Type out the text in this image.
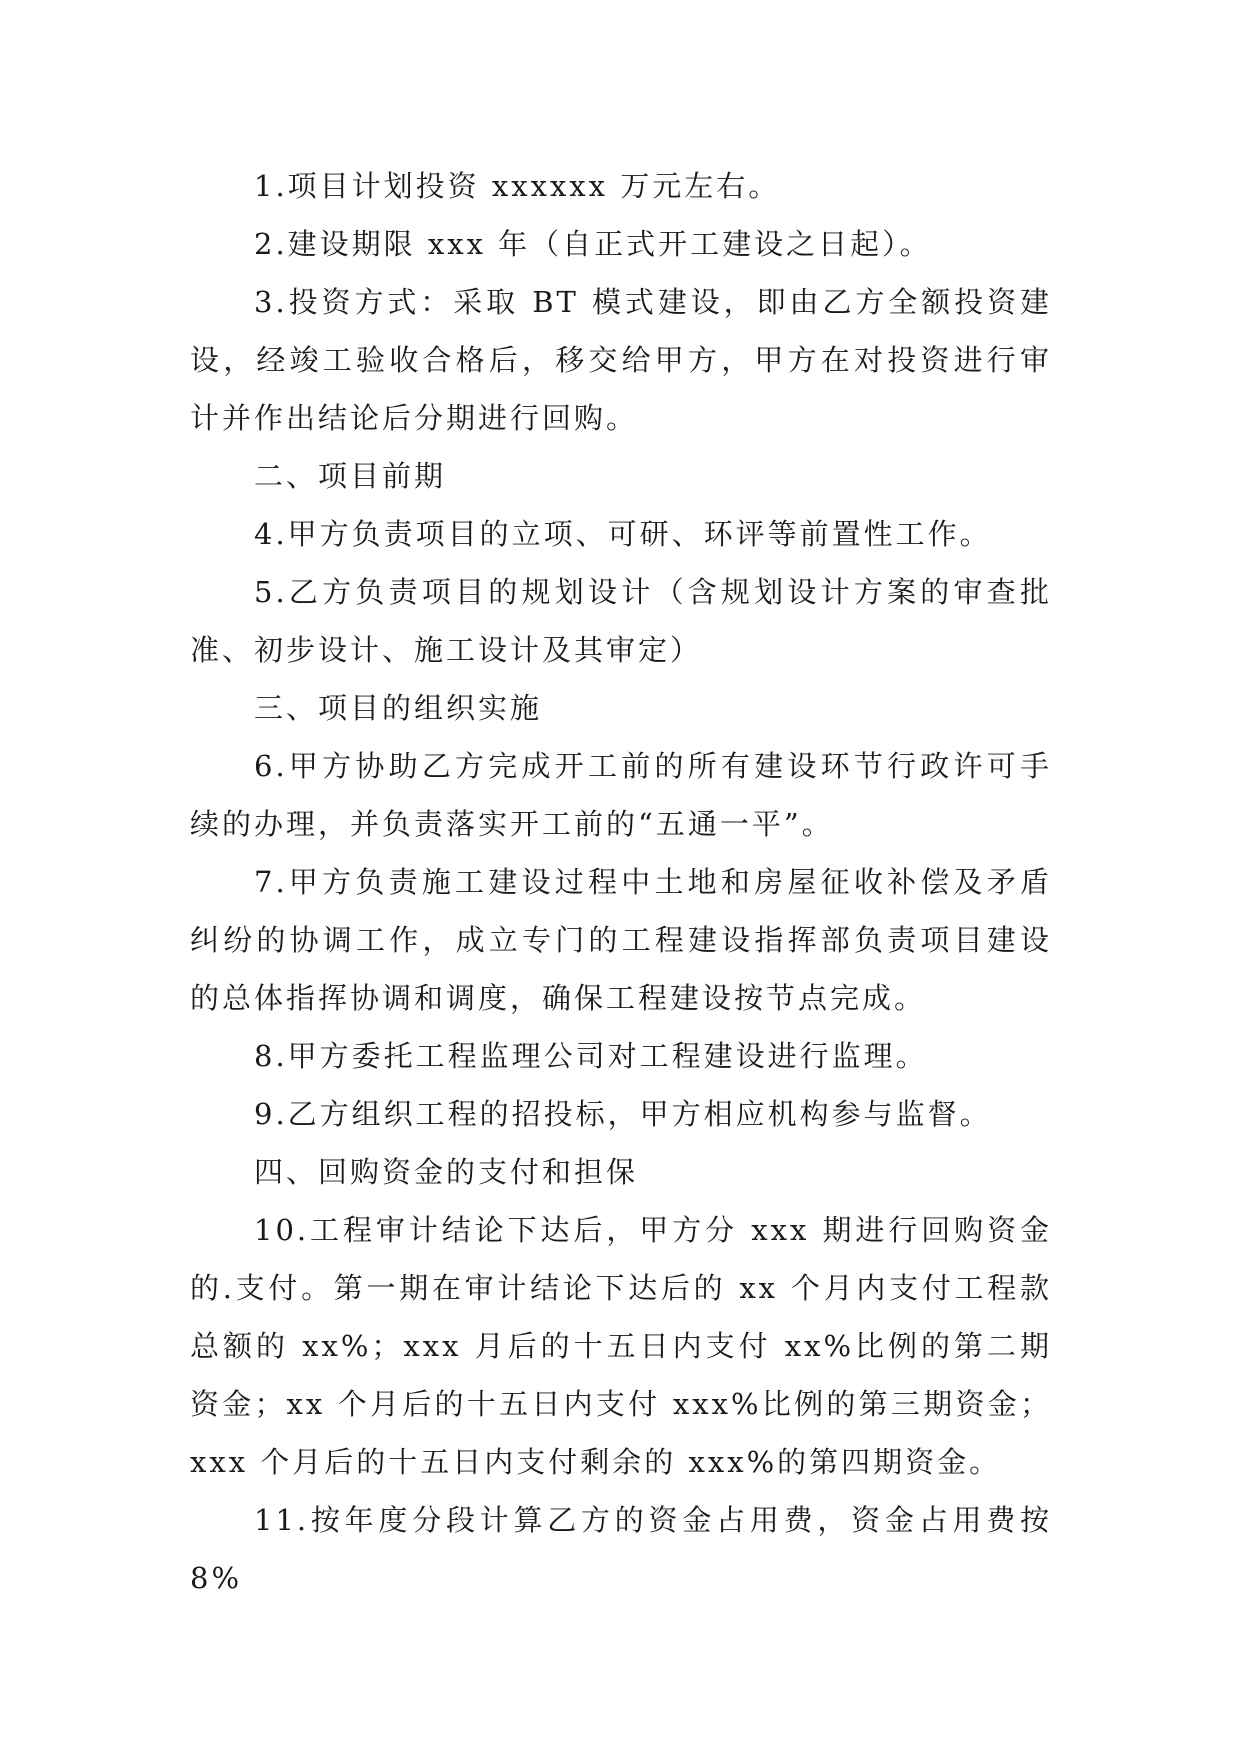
1.项目计划投资 xxxxxx 万元左右。

2.建设期限 xxx 年（自正式开工建设之日起）。

3.投资方式：采取 BT 模式建设，即由乙方全额投资建设，经竣工验收合格后，移交给甲方，甲方在对投资进行审计并作出结论后分期进行回购。

二、项目前期

4.甲方负责项目的立项、可研、环评等前置性工作。

5.乙方负责项目的规划设计（含规划设计方案的审查批准、初步设计、施工设计及其审定）

三、项目的组织实施

6.甲方协助乙方完成开工前的所有建设环节行政许可手续的办理，并负责落实开工前的“五通一平”。

7.甲方负责施工建设过程中土地和房屋征收补偿及矛盾纠纷的协调工作，成立专门的工程建设指挥部负责项目建设的总体指挥协调和调度，确保工程建设按节点完成。

8.甲方委托工程监理公司对工程建设进行监理。

9.乙方组织工程的招投标，甲方相应机构参与监督。

四、回购资金的支付和担保

10.工程审计结论下达后，甲方分 xxx 期进行回购资金的.支付。第一期在审计结论下达后的 xx 个月内支付工程款总额的 xx%；xxx 月后的十五日内支付 xx%比例的第二期资金；xx 个月后的十五日内支付 xxx%比例的第三期资金；xxx 个月后的十五日内支付剩余的 xxx%的第四期资金。

11.按年度分段计算乙方的资金占用费，资金占用费按8%
